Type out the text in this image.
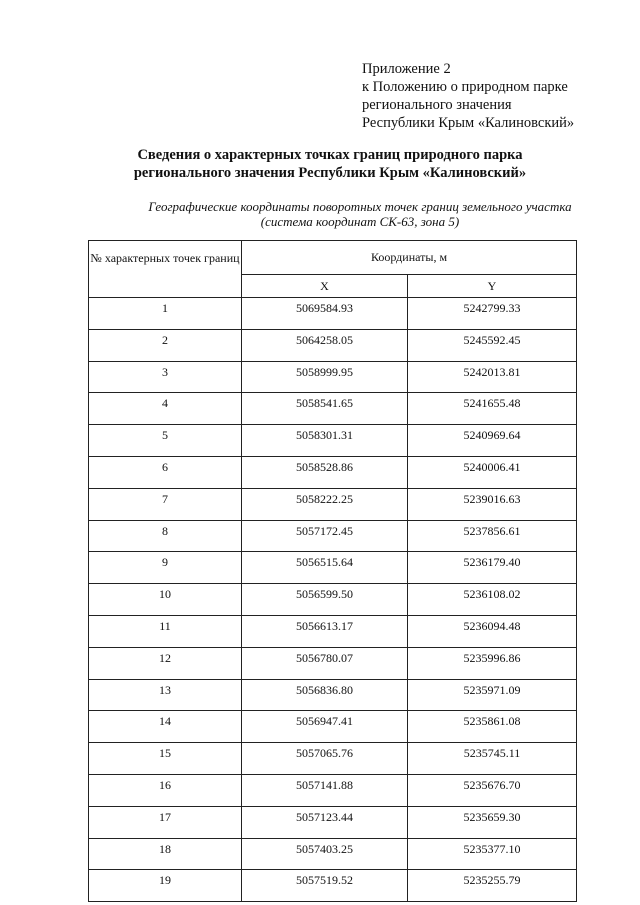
Приложение 2
к Положению о природном парке
регионального значения
Республики Крым «Калиновский»
Сведения о характерных точках границ природного парка
регионального значения Республики Крым «Калиновский»
Географические координаты поворотных точек границ земельного участка
(система координат СК-63, зона 5)
№ характерных точек границ	Координаты, м	
	X	Y
1	5069584.93	5242799.33
2	5064258.05	5245592.45
3	5058999.95	5242013.81
4	5058541.65	5241655.48
5	5058301.31	5240969.64
6	5058528.86	5240006.41
7	5058222.25	5239016.63
8	5057172.45	5237856.61
9	5056515.64	5236179.40
10	5056599.50	5236108.02
11	5056613.17	5236094.48
12	5056780.07	5235996.86
13	5056836.80	5235971.09
14	5056947.41	5235861.08
15	5057065.76	5235745.11
16	5057141.88	5235676.70
17	5057123.44	5235659.30
18	5057403.25	5235377.10
19	5057519.52	5235255.79
